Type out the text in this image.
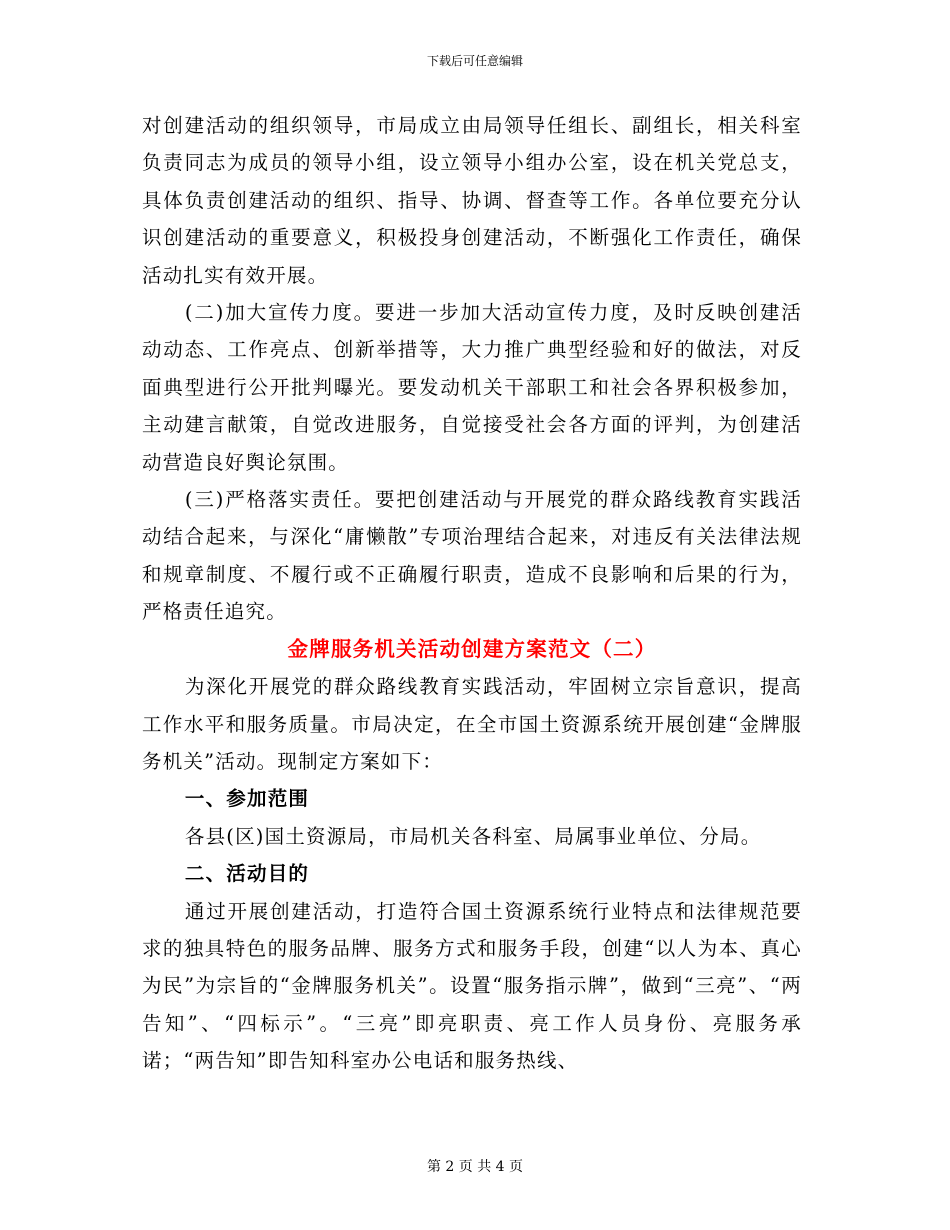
下载后可任意编辑

对创建活动的组织领导，市局成立由局领导任组长、副组长，相关科室负责同志为成员的领导小组，设立领导小组办公室，设在机关党总支，具体负责创建活动的组织、指导、协调、督查等工作。各单位要充分认识创建活动的重要意义，积极投身创建活动，不断强化工作责任，确保活动扎实有效开展。

(二)加大宣传力度。要进一步加大活动宣传力度，及时反映创建活动动态、工作亮点、创新举措等，大力推广典型经验和好的做法，对反面典型进行公开批判曝光。要发动机关干部职工和社会各界积极参加，主动建言献策，自觉改进服务，自觉接受社会各方面的评判，为创建活动营造良好舆论氛围。

(三)严格落实责任。要把创建活动与开展党的群众路线教育实践活动结合起来，与深化“庸懒散”专项治理结合起来，对违反有关法律法规和规章制度、不履行或不正确履行职责，造成不良影响和后果的行为，严格责任追究。

金牌服务机关活动创建方案范文（二）

为深化开展党的群众路线教育实践活动，牢固树立宗旨意识，提高工作水平和服务质量。市局决定，在全市国土资源系统开展创建“金牌服务机关”活动。现制定方案如下：

一、参加范围

各县(区)国土资源局，市局机关各科室、局属事业单位、分局。

二、活动目的

通过开展创建活动，打造符合国土资源系统行业特点和法律规范要求的独具特色的服务品牌、服务方式和服务手段，创建“以人为本、真心为民”为宗旨的“金牌服务机关”。设置“服务指示牌”，做到“三亮”、“两告知”、“四标示”。“三亮”即亮职责、亮工作人员身份、亮服务承诺；“两告知”即告知科室办公电话和服务热线、

第 2 页 共 4 页
